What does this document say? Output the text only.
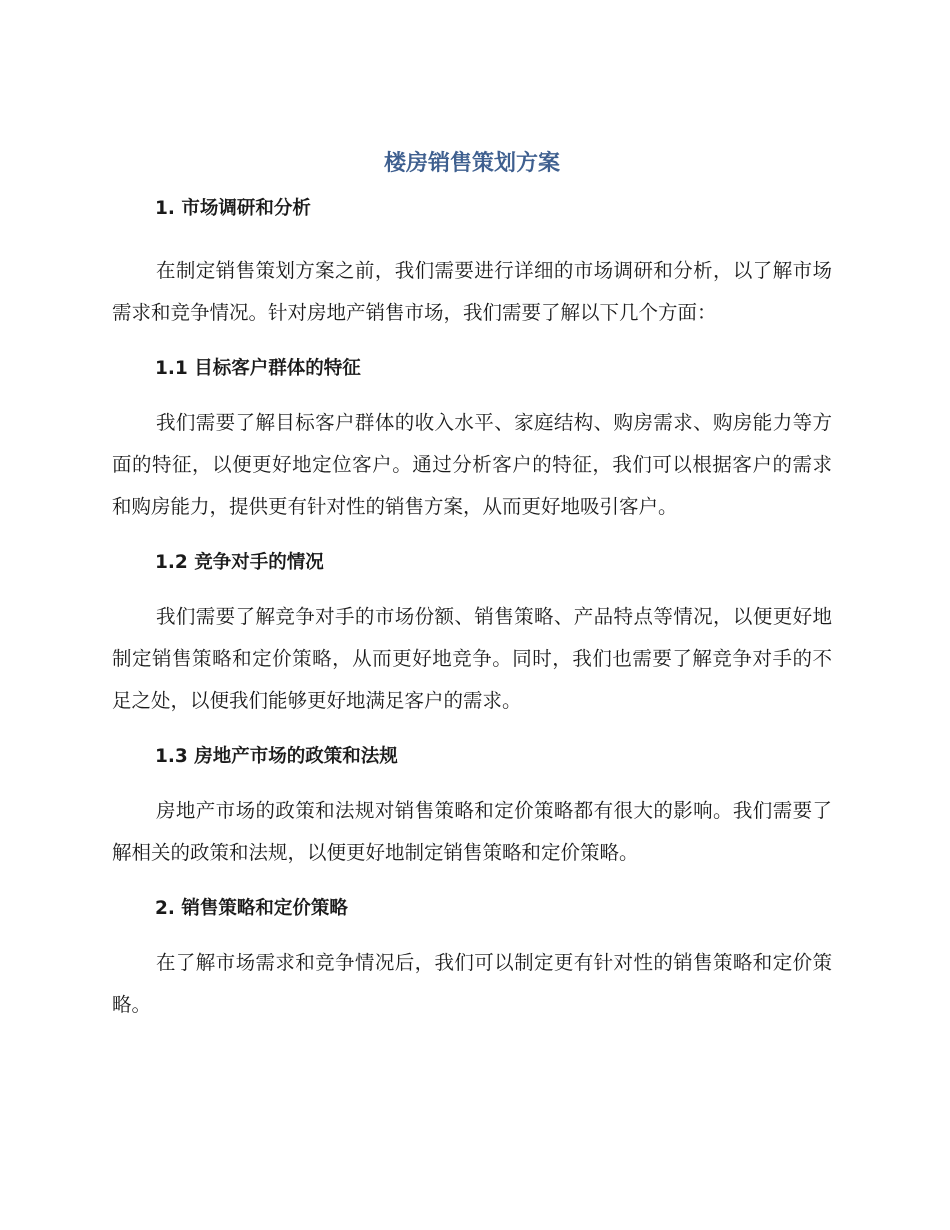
楼房销售策划方案
1. 市场调研和分析

在制定销售策划方案之前，我们需要进行详细的市场调研和分析，以了解市场需求和竞争情况。针对房地产销售市场，我们需要了解以下几个方面：

1.1 目标客户群体的特征

我们需要了解目标客户群体的收入水平、家庭结构、购房需求、购房能力等方面的特征，以便更好地定位客户。通过分析客户的特征，我们可以根据客户的需求和购房能力，提供更有针对性的销售方案，从而更好地吸引客户。

1.2 竞争对手的情况

我们需要了解竞争对手的市场份额、销售策略、产品特点等情况，以便更好地制定销售策略和定价策略，从而更好地竞争。同时，我们也需要了解竞争对手的不足之处，以便我们能够更好地满足客户的需求。

1.3 房地产市场的政策和法规

房地产市场的政策和法规对销售策略和定价策略都有很大的影响。我们需要了解相关的政策和法规，以便更好地制定销售策略和定价策略。

2. 销售策略和定价策略

在了解市场需求和竞争情况后，我们可以制定更有针对性的销售策略和定价策略。
